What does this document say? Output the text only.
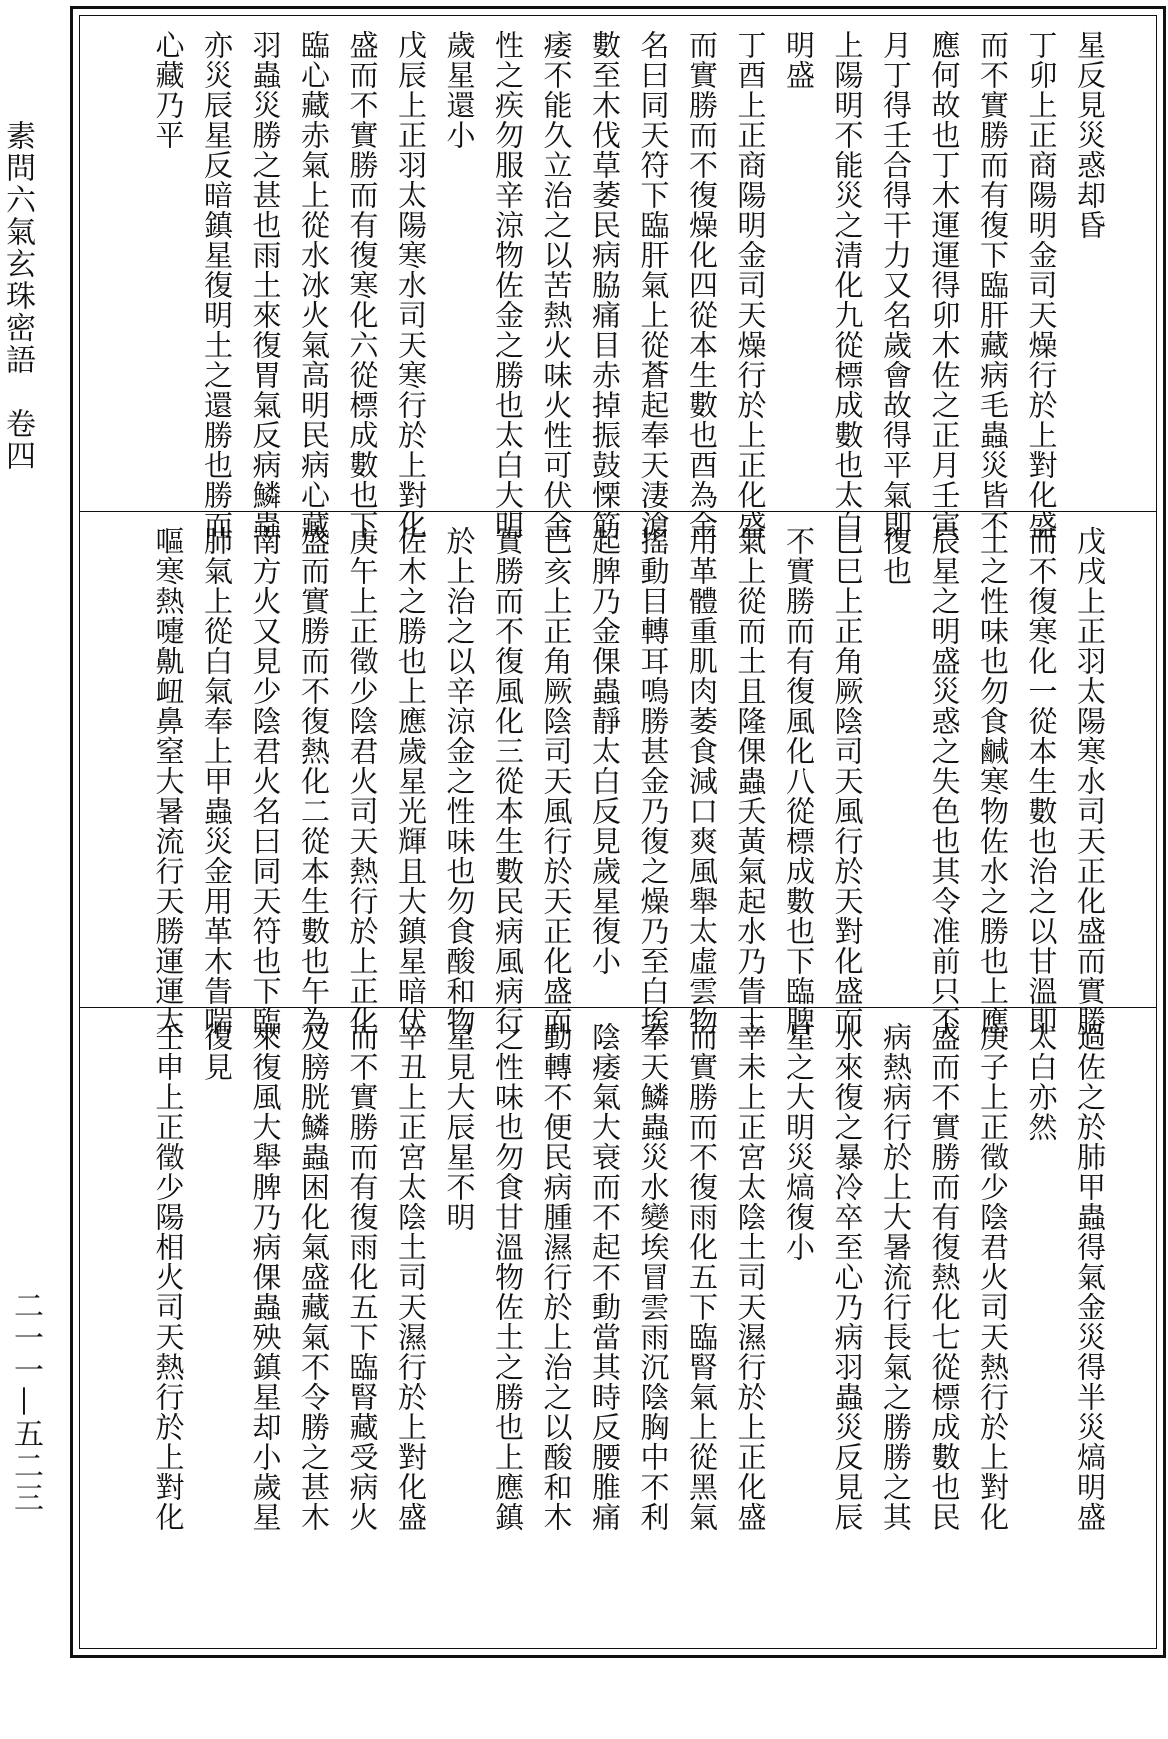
素問六氣玄珠密語　卷四
二一一—五二三
星反見災惑却昏
丁卯上正商陽明金司天燥行於上對化盛
而不實勝而有復下臨肝藏病毛蟲災皆不
應何故也丁木運運得卯木佐之正月壬寅
月丁得壬合得干力又名歲會故得平氣即
上陽明不能災之清化九從標成數也太白
明盛
丁酉上正商陽明金司天燥行於上正化盛
而實勝而不復燥化四從本生數也酉為金
名曰同天符下臨肝氣上從蒼起奉天淒滄
數至木伐草萎民病脇痛目赤掉振鼓慄筋
痿不能久立治之以苦熱火味火性可伏金
性之疾勿服辛涼物佐金之勝也太白大明
歲星還小
戊辰上正羽太陽寒水司天寒行於上對化
盛而不實勝而有復寒化六從標成數也下
臨心藏赤氣上從水冰火氣高明民病心藏
羽蟲災勝之甚也雨土來復胃氣反病鱗蟲
亦災辰星反暗鎮星復明土之還勝也勝而
心藏乃平
戊戌上正羽太陽寒水司天正化盛而實勝
而不復寒化一從本生數也治之以甘溫即
土之性味也勿食鹹寒物佐水之勝也上應
辰星之明盛災惑之失色也其令准前只不
復也
巳巳上正角厥陰司天風行於天對化盛而
不實勝而有復風化八從標成數也下臨脾
氣上從而土且隆倮蟲夭黃氣起水乃眚土
用革體重肌肉萎食減口爽風舉太虛雲物
搖動目轉耳鳴勝甚金乃復之燥乃至白埃
起脾乃金倮蟲靜太白反見歲星復小
巳亥上正角厥陰司天風行於天正化盛而
實勝而不復風化三從本生數民病風病行
於上治之以辛涼金之性味也勿食酸和物
佐木之勝也上應歲星光輝且大鎮星暗伏
庚午上正徵少陰君火司天熱行於上正化
盛而實勝而不復熱化二從本生數也午為
南方火又見少陰君火名曰同天符也下臨
肺氣上從白氣奉上甲蟲災金用革木眚喘
嘔寒熱嚏鼽衄鼻窒大暑流行天勝運運太
過佐之於肺甲蟲得氣金災得半災熇明盛
太白亦然
庚子上正徵少陰君火司天熱行於上對化
盛而不實勝而有復熱化七從標成數也民
病熱病行於上大暑流行長氣之勝勝之其
水來復之暴冷卒至心乃病羽蟲災反見辰
星之大明災熇復小
辛未上正宮太陰土司天濕行於上正化盛
而實勝而不復雨化五下臨腎氣上從黑氣
奉天鱗蟲災水變埃冒雲雨沉陰胸中不利
陰痿氣大衰而不起不動當其時反腰脽痛
動轉不便民病腫濕行於上治之以酸和木
之性味也勿食甘溫物佐土之勝也上應鎮
星見大辰星不明
辛丑上正宮太陰土司天濕行於上對化盛
而不實勝而有復雨化五下臨腎藏受病火
及膀胱鱗蟲困化氣盛藏氣不令勝之甚木
來復風大舉脾乃病倮蟲殃鎮星却小歲星
復見
壬申上正徵少陽相火司天熱行於上對化
